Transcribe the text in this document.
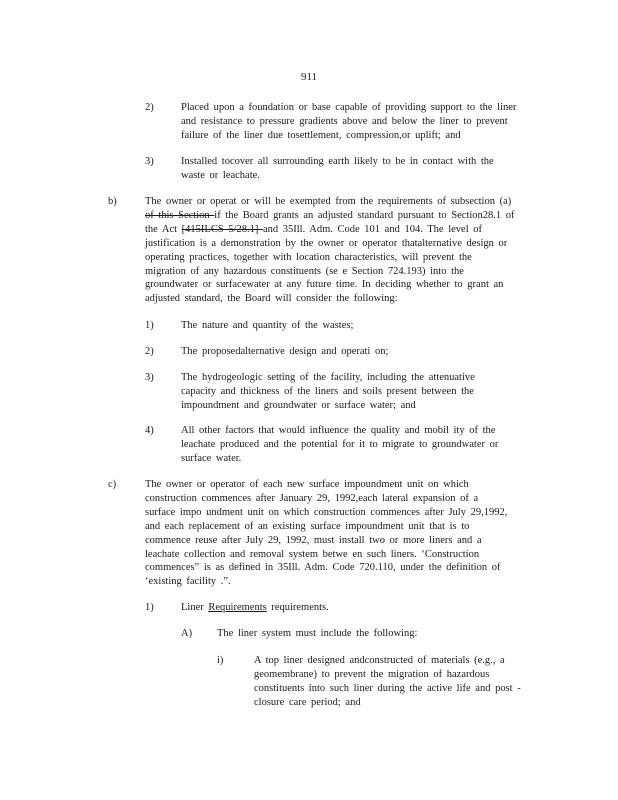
911
2)	Placed upon a foundation or base capable of providing support to the liner
and resistance to pressure gradients above and below the liner to prevent
failure of the liner due tosettlement, compression,or uplift; and
3)	Installed tocover all surrounding earth likely to be in contact with the
waste or leachate.
b)	The owner or operat or will be exempted from the requirements of subsection (a)
of this Section if the Board grants an adjusted standard pursuant to Section28.1 of
the Act [415ILCS 5/28.1] and 35Ill. Adm. Code 101 and 104. The level of
justification is a demonstration by the owner or operator thatalternative design or
operating practices, together with location characteristics, will prevent the
migration of any hazardous constituents (se e Section 724.193) into the
groundwater or surfacewater at any future time. In deciding whether to grant an
adjusted standard, the Board will consider the following:
1)	The nature and quantity of the wastes;
2)	The proposedalternative design and operati on;
3)	The hydrogeologic setting of the facility, including the attenuative
capacity and thickness of the liners and soils present between the
impoundment and groundwater or surface water; and
4)	All other factors that would influence the quality and mobil ity of the
leachate produced and the potential for it to migrate to groundwater or
surface water.
c)	The owner or operator of each new surface impoundment unit on which
construction commences after January 29, 1992,each lateral expansion of a
surface impo undment unit on which construction commences after July 29,1992,
and each replacement of an existing surface impoundment unit that is to
commence reuse after July 29, 1992, must install two or more liners and a
leachate collection and removal system betwe en such liners. ‘Construction
commences” is as defined in 35Ill. Adm. Code 720.110, under the definition of
‘existing facility .”.
1)	Liner Requirements requirements.
A) The liner system must include the following:
i)	A top liner designed andconstructed of materials (e.g., a
geomembrane) to prevent the migration of hazardous
constituents into such liner during the active life and post -
closure care period; and
